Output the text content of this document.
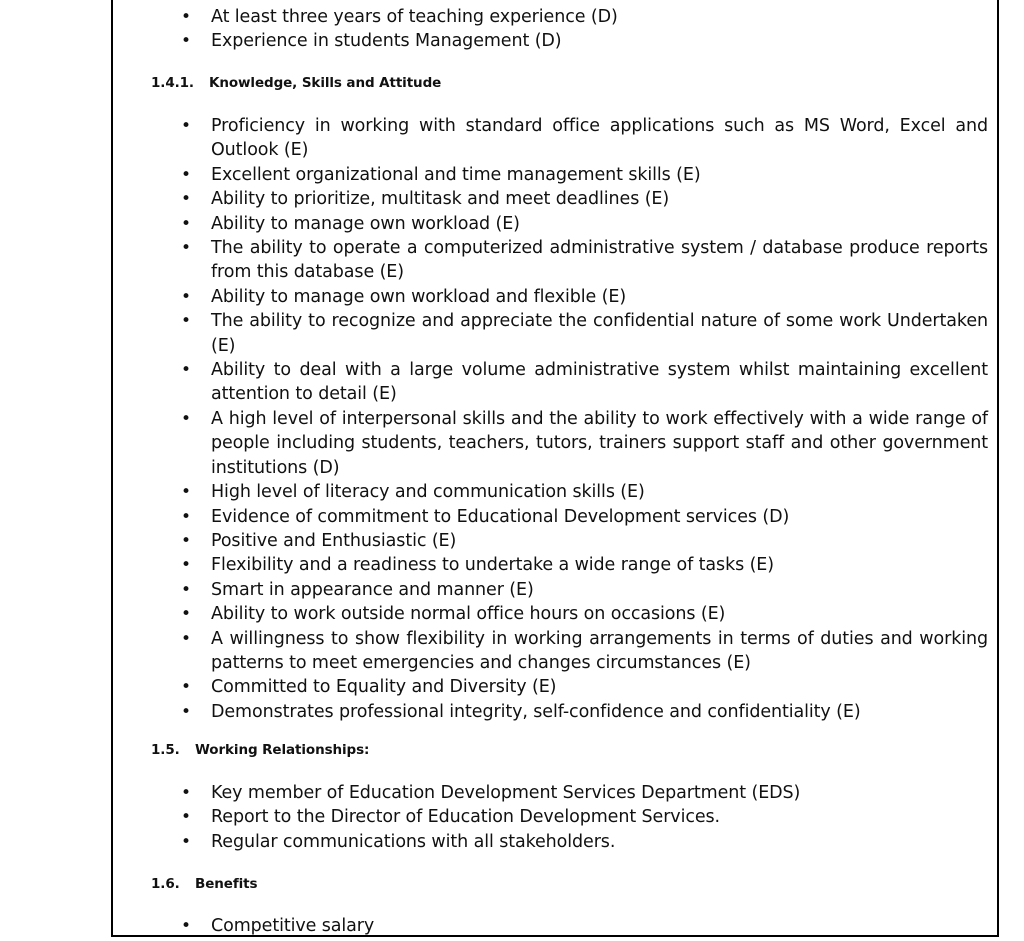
• At least three years of teaching experience (D)
• Experience in students Management (D)
1.4.1. Knowledge, Skills and Attitude
• Proficiency in working with standard office applications such as MS Word, Excel and Outlook (E)
• Excellent organizational and time management skills (E)
• Ability to prioritize, multitask and meet deadlines (E)
• Ability to manage own workload (E)
• The ability to operate a computerized administrative system / database produce reports from this database (E)
• Ability to manage own workload and flexible (E)
• The ability to recognize and appreciate the confidential nature of some work Undertaken (E)
• Ability to deal with a large volume administrative system whilst maintaining excellent attention to detail (E)
• A high level of interpersonal skills and the ability to work effectively with a wide range of people including students, teachers, tutors, trainers support staff and other government institutions (D)
• High level of literacy and communication skills (E)
• Evidence of commitment to Educational Development services (D)
• Positive and Enthusiastic (E)
• Flexibility and a readiness to undertake a wide range of tasks (E)
• Smart in appearance and manner (E)
• Ability to work outside normal office hours on occasions (E)
• A willingness to show flexibility in working arrangements in terms of duties and working patterns to meet emergencies and changes circumstances (E)
• Committed to Equality and Diversity (E)
• Demonstrates professional integrity, self-confidence and confidentiality (E)
1.5. Working Relationships:
• Key member of Education Development Services Department (EDS)
• Report to the Director of Education Development Services.
• Regular communications with all stakeholders.
1.6. Benefits
• Competitive salary
